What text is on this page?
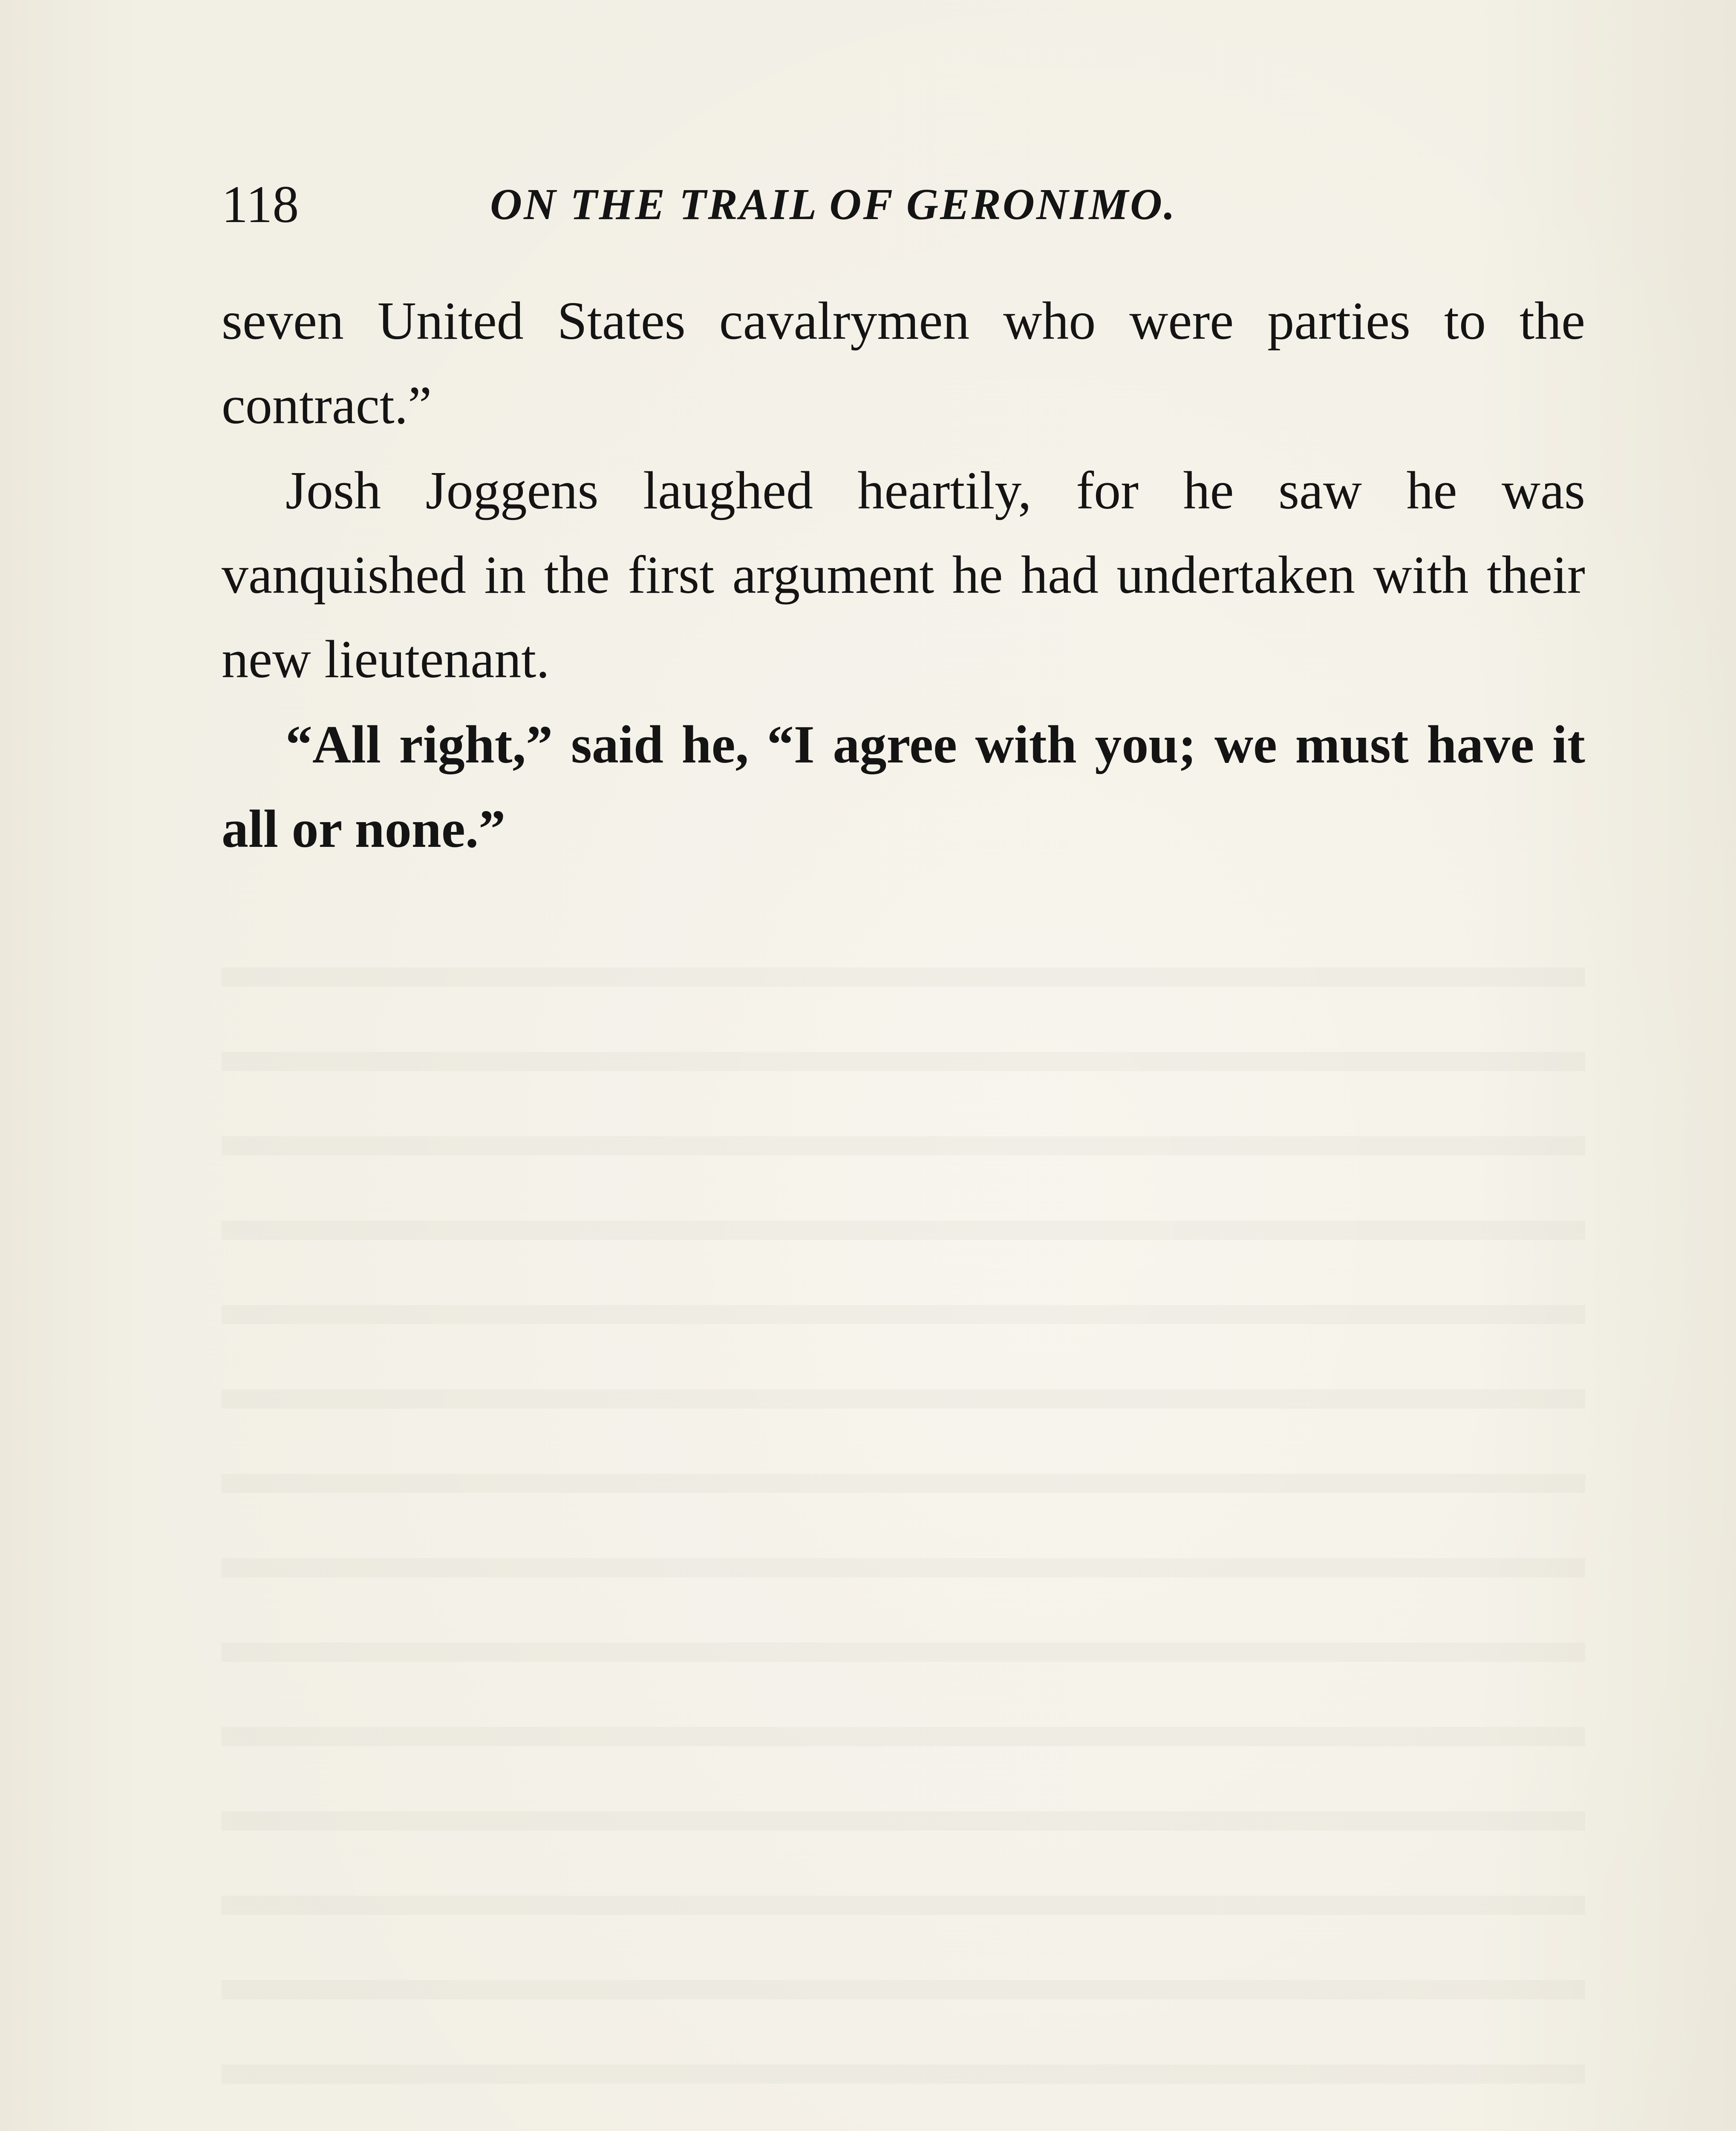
118	ON THE TRAIL OF GERONIMO.

seven United States cavalrymen who were parties to the contract.”

Josh Joggens laughed heartily, for he saw he was vanquished in the first argument he had undertaken with their new lieutenant.

“All right,” said he, “I agree with you; we must have it all or none.”
